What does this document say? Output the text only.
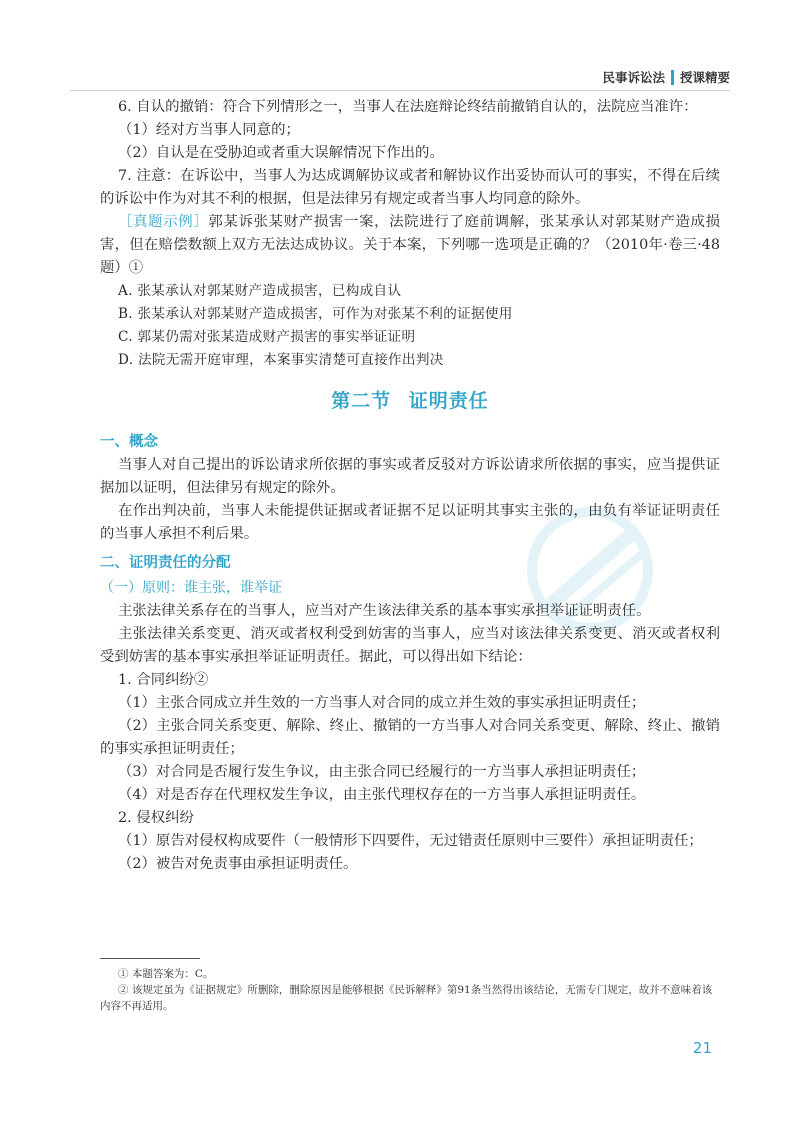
民事诉讼法 授课精要

6. 自认的撤销：符合下列情形之一，当事人在法庭辩论终结前撤销自认的，法院应当准许：

（1）经对方当事人同意的；

（2）自认是在受胁迫或者重大误解情况下作出的。

7. 注意：在诉讼中，当事人为达成调解协议或者和解协议作出妥协而认可的事实，不得在后续的诉讼中作为对其不利的根据，但是法律另有规定或者当事人均同意的除外。

［真题示例］郭某诉张某财产损害一案，法院进行了庭前调解，张某承认对郭某财产造成损害，但在赔偿数额上双方无法达成协议。关于本案，下列哪一选项是正确的？（2010年·卷三·48题）①

A. 张某承认对郭某财产造成损害，已构成自认

B. 张某承认对郭某财产造成损害，可作为对张某不利的证据使用

C. 郭某仍需对张某造成财产损害的事实举证证明

D. 法院无需开庭审理，本案事实清楚可直接作出判决

第二节 证明责任
一、概念

当事人对自己提出的诉讼请求所依据的事实或者反驳对方诉讼请求所依据的事实，应当提供证据加以证明，但法律另有规定的除外。

在作出判决前，当事人未能提供证据或者证据不足以证明其事实主张的，由负有举证证明责任的当事人承担不利后果。

二、证明责任的分配
（一）原则：谁主张，谁举证

主张法律关系存在的当事人，应当对产生该法律关系的基本事实承担举证证明责任。

主张法律关系变更、消灭或者权利受到妨害的当事人，应当对该法律关系变更、消灭或者权利受到妨害的基本事实承担举证证明责任。据此，可以得出如下结论：

1. 合同纠纷②

（1）主张合同成立并生效的一方当事人对合同的成立并生效的事实承担证明责任；

（2）主张合同关系变更、解除、终止、撤销的一方当事人对合同关系变更、解除、终止、撤销的事实承担证明责任；

（3）对合同是否履行发生争议，由主张合同已经履行的一方当事人承担证明责任；

（4）对是否存在代理权发生争议，由主张代理权存在的一方当事人承担证明责任。

2. 侵权纠纷

（1）原告对侵权构成要件（一般情形下四要件，无过错责任原则中三要件）承担证明责任；

（2）被告对免责事由承担证明责任。

① 本题答案为：C。

② 该规定虽为《证据规定》所删除，删除原因是能够根据《民诉解释》第91条当然得出该结论，无需专门规定，故并不意味着该内容不再适用。

21
